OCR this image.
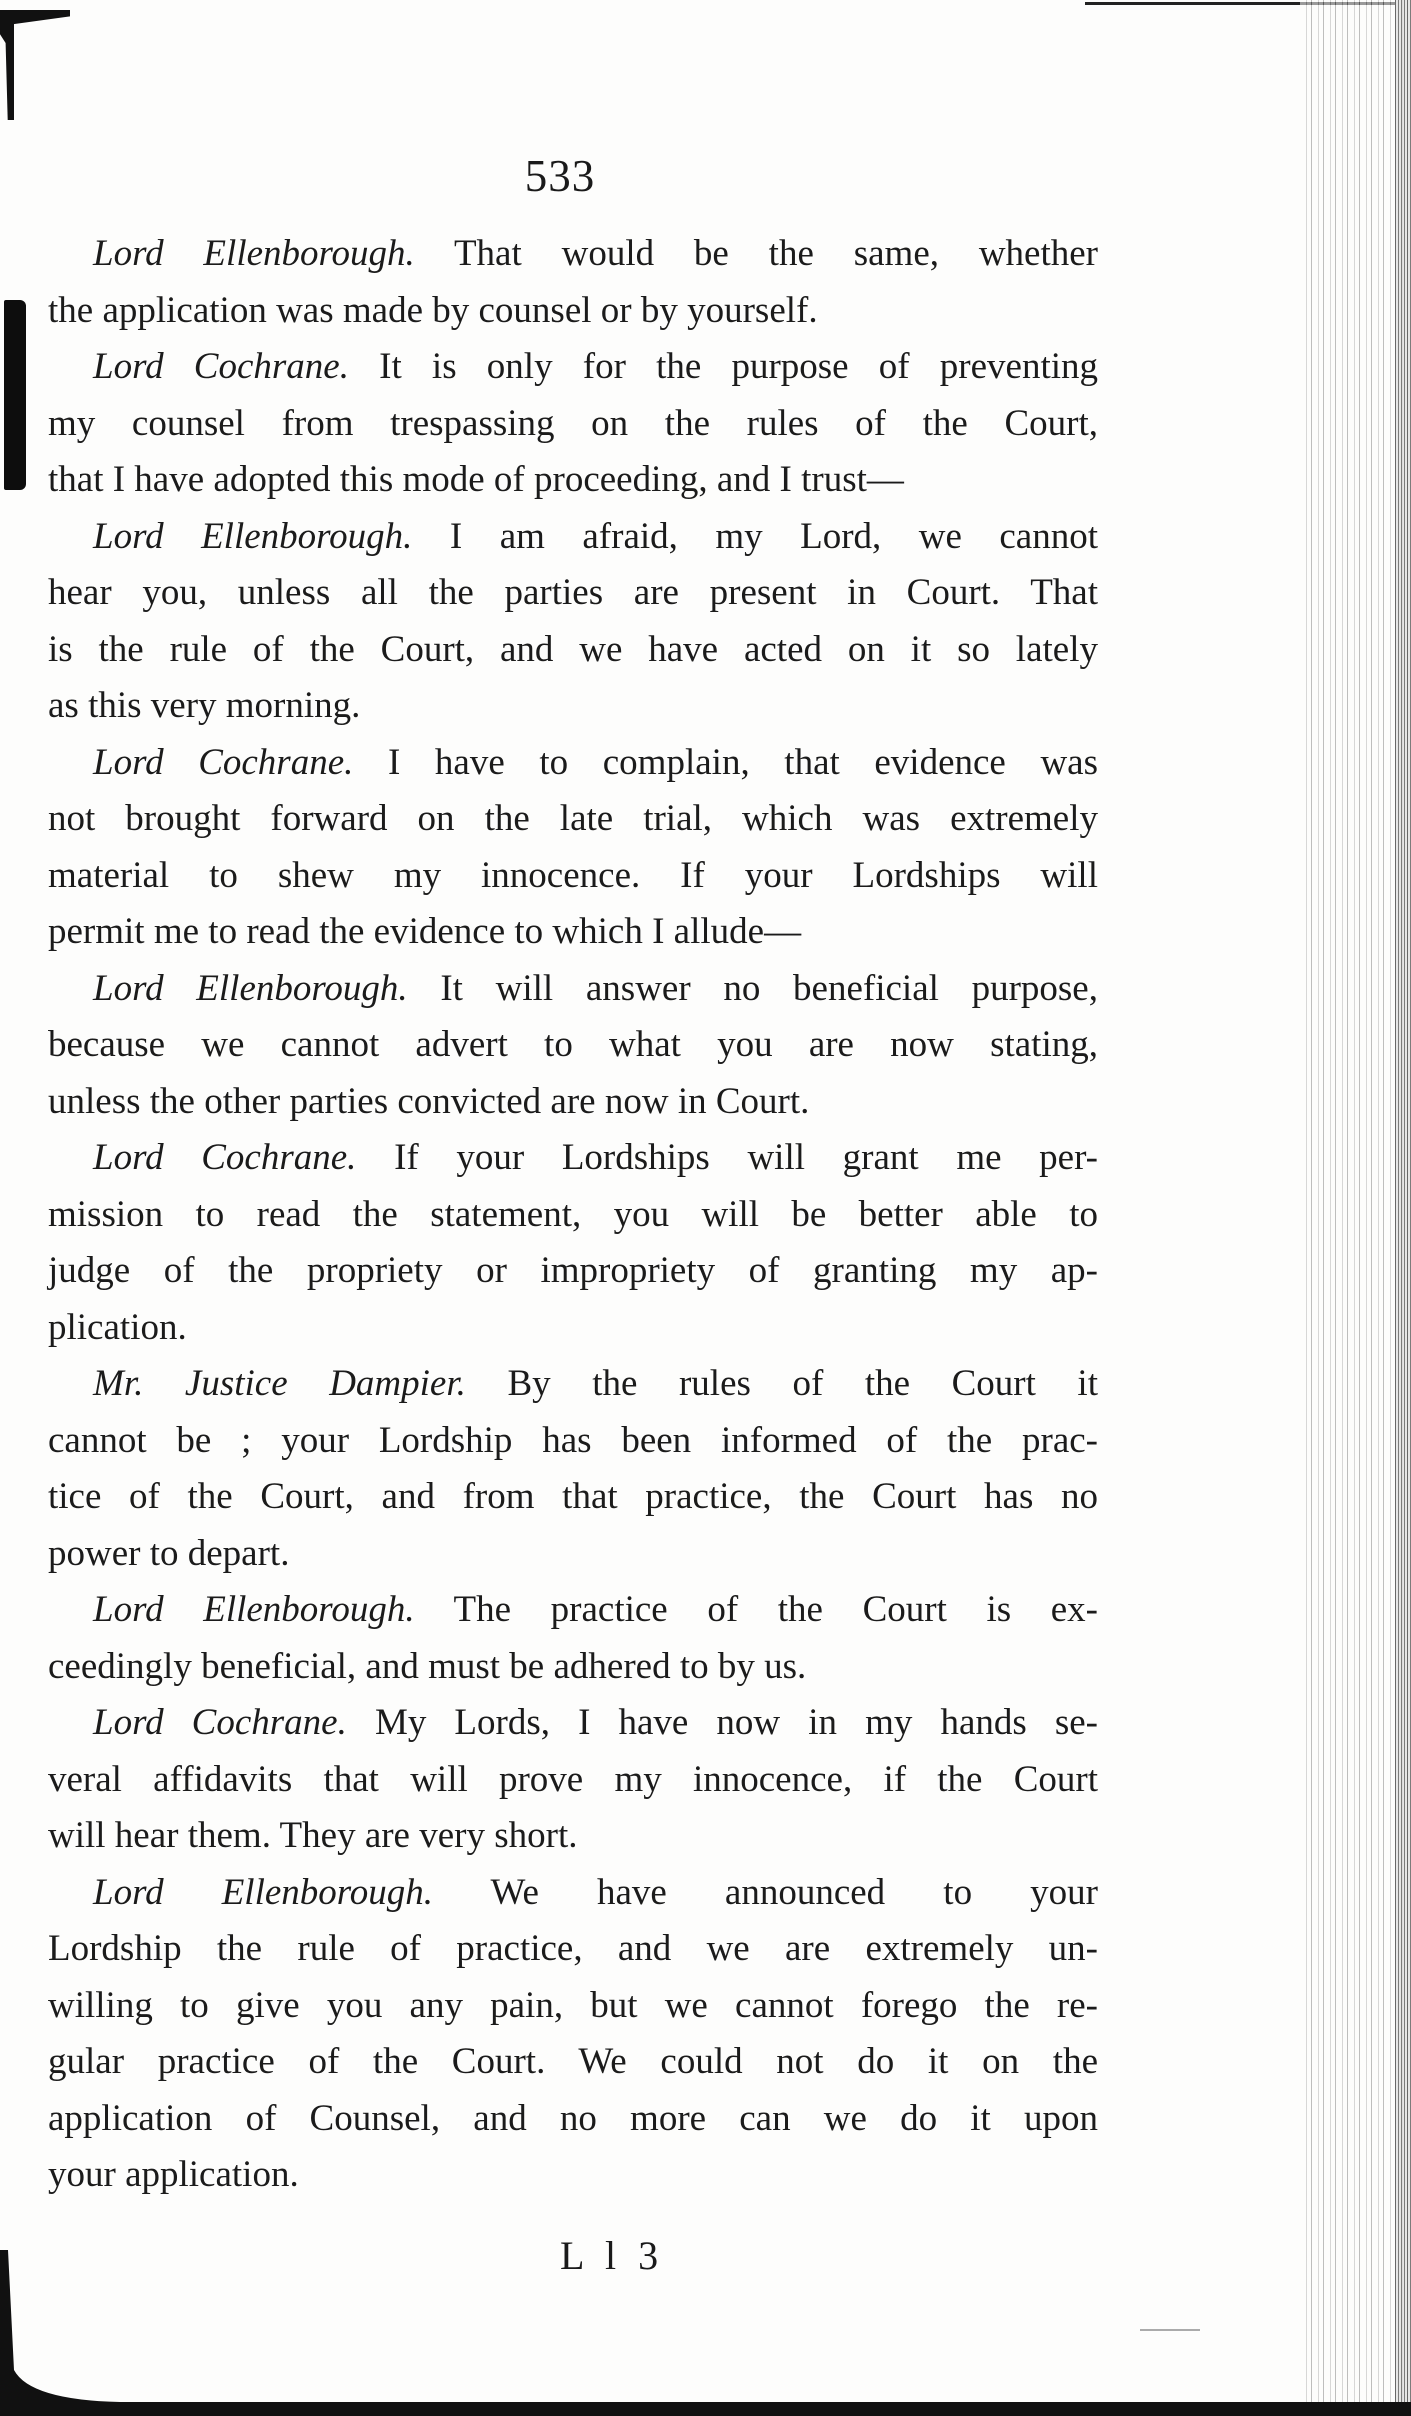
533
Lord Ellenborough. That would be the same, whether
the application was made by counsel or by yourself.
Lord Cochrane. It is only for the purpose of preventing
my counsel from trespassing on the rules of the Court,
that I have adopted this mode of proceeding, and I trust—
Lord Ellenborough. I am afraid, my Lord, we cannot
hear you, unless all the parties are present in Court. That
is the rule of the Court, and we have acted on it so lately
as this very morning.
Lord Cochrane. I have to complain, that evidence was
not brought forward on the late trial, which was extremely
material to shew my innocence. If your Lordships will
permit me to read the evidence to which I allude—
Lord Ellenborough. It will answer no beneficial purpose,
because we cannot advert to what you are now stating,
unless the other parties convicted are now in Court.
Lord Cochrane. If your Lordships will grant me per-
mission to read the statement, you will be better able to
judge of the propriety or impropriety of granting my ap-
plication.
Mr. Justice Dampier. By the rules of the Court it
cannot be ; your Lordship has been informed of the prac-
tice of the Court, and from that practice, the Court has no
power to depart.
Lord Ellenborough. The practice of the Court is ex-
ceedingly beneficial, and must be adhered to by us.
Lord Cochrane. My Lords, I have now in my hands se-
veral affidavits that will prove my innocence, if the Court
will hear them. They are very short.
Lord Ellenborough. We have announced to your
Lordship the rule of practice, and we are extremely un-
willing to give you any pain, but we cannot forego the re-
gular practice of the Court. We could not do it on the
application of Counsel, and no more can we do it upon
your application.
L l 3
